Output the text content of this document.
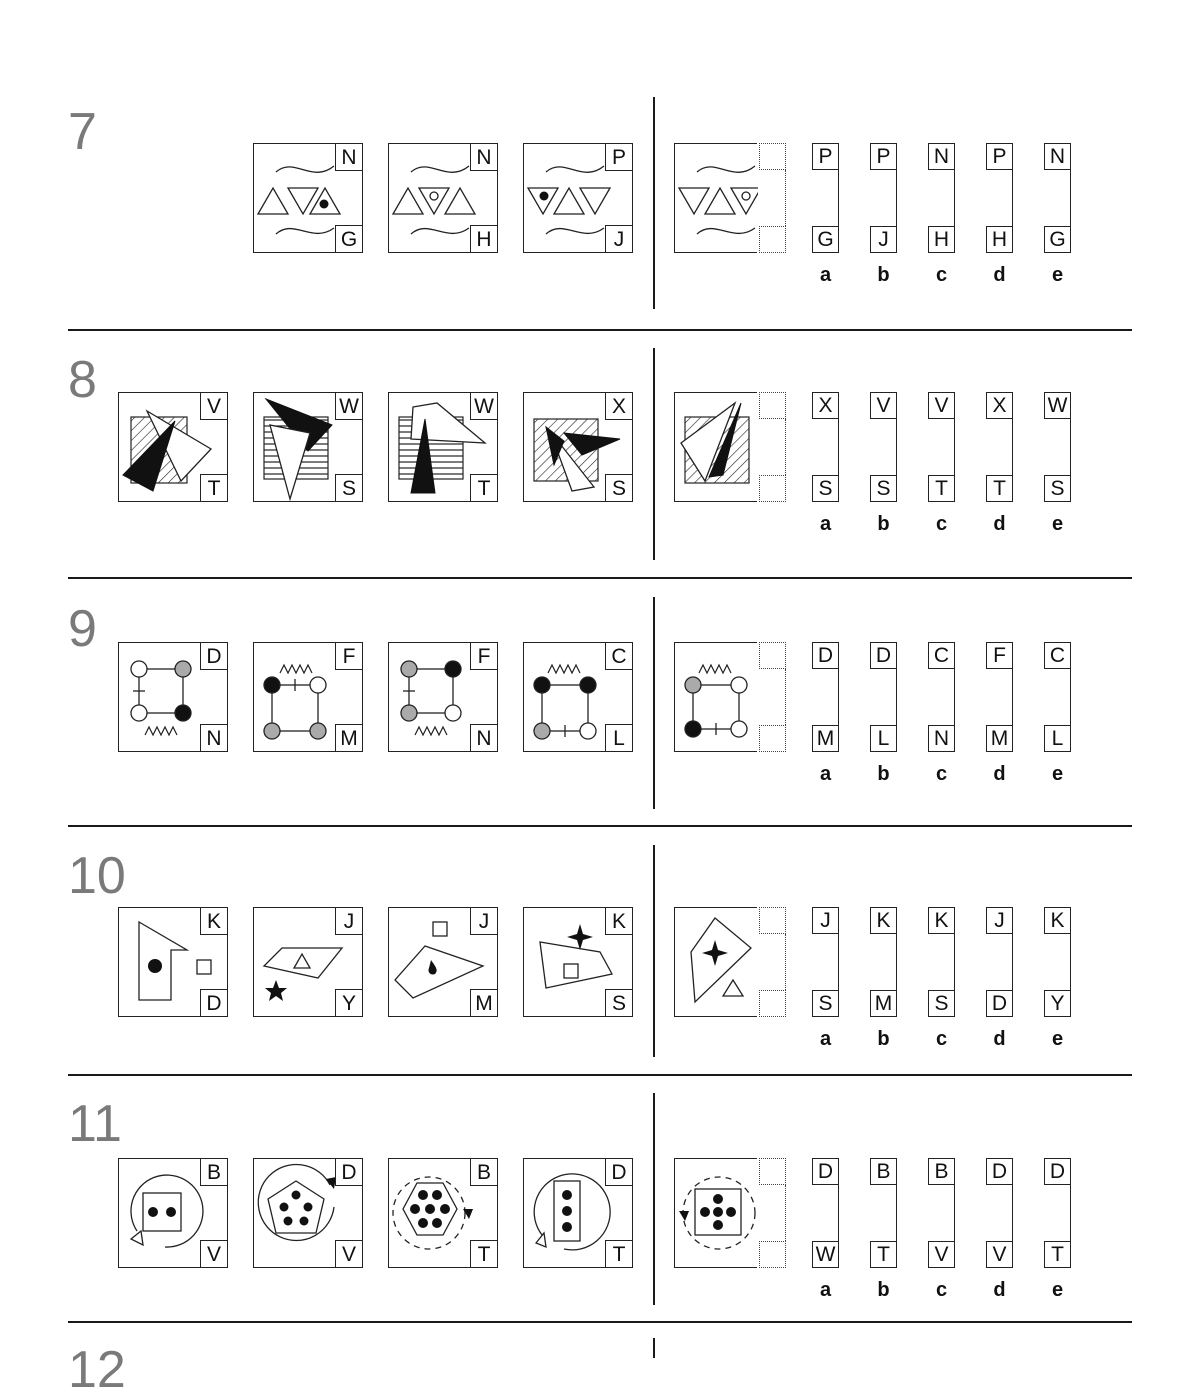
7	N
G
N
H
P
J
P
G
a
P
J
b
N
H
c
P
H
d
N
G
e
8	V
T
W
S
W
T
X
S
X
S
a
V
S
b
V
T
c
X
T
d
W
S
e
9	D
N
F
M
F
N
C
L
D
M
a
D
L
b
C
N
c
F
M
d
C
L
e
10
K
D
J
Y
J
M
K
S
J
S
a
K
M
b
K
S
c
J
D
d
K
Y
e
11
B
V
D
V
B
T
D
T
D
W
a
B
T
b
B
V
c
D
V
d
D
T
e
12
